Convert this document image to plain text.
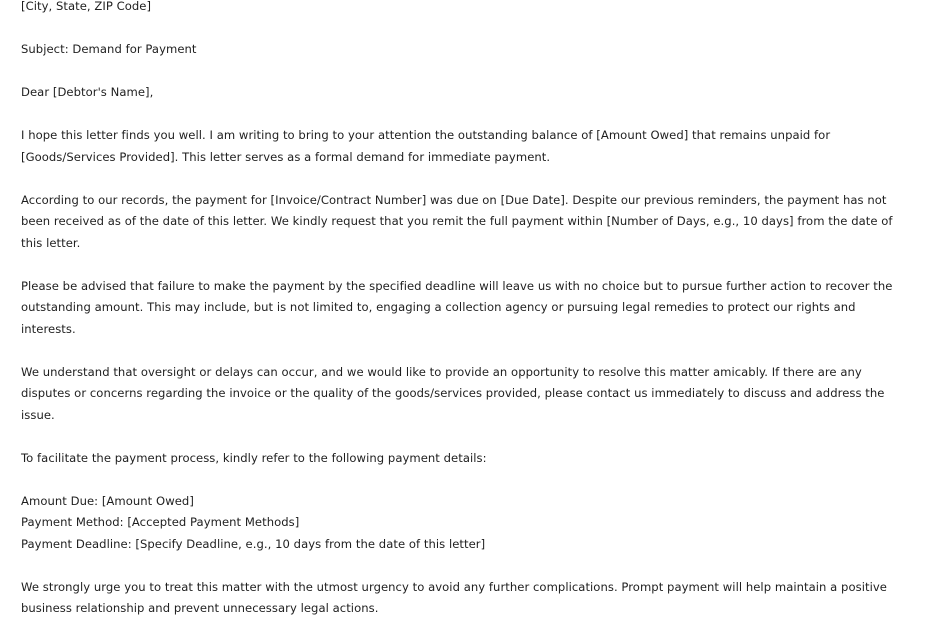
[City, State, ZIP Code]

Subject: Demand for Payment

Dear [Debtor's Name],

I hope this letter finds you well. I am writing to bring to your attention the outstanding balance of [Amount Owed] that remains unpaid for [Goods/Services Provided]. This letter serves as a formal demand for immediate payment.

According to our records, the payment for [Invoice/Contract Number] was due on [Due Date]. Despite our previous reminders, the payment has not been received as of the date of this letter. We kindly request that you remit the full payment within [Number of Days, e.g., 10 days] from the date of this letter.

Please be advised that failure to make the payment by the specified deadline will leave us with no choice but to pursue further action to recover the outstanding amount. This may include, but is not limited to, engaging a collection agency or pursuing legal remedies to protect our rights and interests.

We understand that oversight or delays can occur, and we would like to provide an opportunity to resolve this matter amicably. If there are any disputes or concerns regarding the invoice or the quality of the goods/services provided, please contact us immediately to discuss and address the issue.

To facilitate the payment process, kindly refer to the following payment details:

Amount Due: [Amount Owed]
Payment Method: [Accepted Payment Methods]
Payment Deadline: [Specify Deadline, e.g., 10 days from the date of this letter]

We strongly urge you to treat this matter with the utmost urgency to avoid any further complications. Prompt payment will help maintain a positive business relationship and prevent unnecessary legal actions.
